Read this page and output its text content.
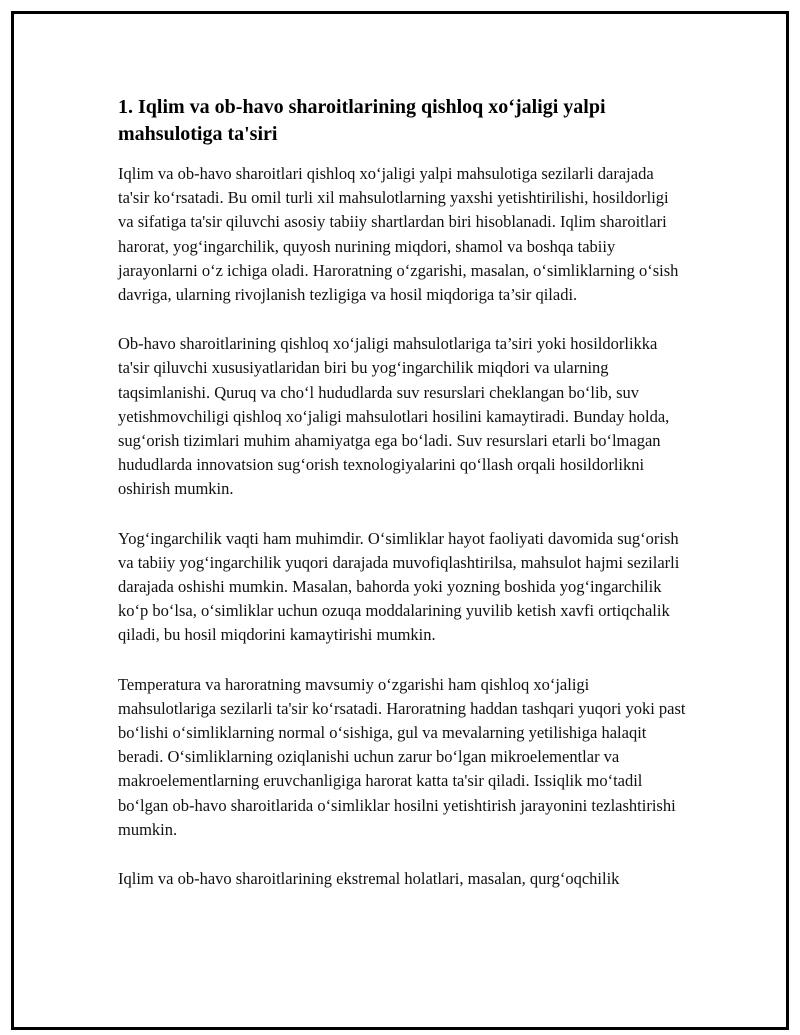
1. Iqlim va ob-havo sharoitlarining qishloq xo‘jaligi yalpi mahsulotiga ta'siri

Iqlim va ob-havo sharoitlari qishloq xo‘jaligi yalpi mahsulotiga sezilarli darajada ta'sir ko‘rsatadi. Bu omil turli xil mahsulotlarning yaxshi yetishtirilishi, hosildorligi va sifatiga ta'sir qiluvchi asosiy tabiiy shartlardan biri hisoblanadi. Iqlim sharoitlari harorat, yog‘ingarchilik, quyosh nurining miqdori, shamol va boshqa tabiiy jarayonlarni o‘z ichiga oladi. Haroratning o‘zgarishi, masalan, o‘simliklarning o‘sish davriga, ularning rivojlanish tezligiga va hosil miqdoriga ta’sir qiladi.

Ob-havo sharoitlarining qishloq xo‘jaligi mahsulotlariga ta’siri yoki hosildorlikka ta'sir qiluvchi xususiyatlaridan biri bu yog‘ingarchilik miqdori va ularning taqsimlanishi. Quruq va cho‘l hududlarda suv resurslari cheklangan bo‘lib, suv yetishmovchiligi qishloq xo‘jaligi mahsulotlari hosilini kamaytiradi. Bunday holda, sug‘orish tizimlari muhim ahamiyatga ega bo‘ladi. Suv resurslari etarli bo‘lmagan hududlarda innovatsion sug‘orish texnologiyalarini qo‘llash orqali hosildorlikni oshirish mumkin.

Yog‘ingarchilik vaqti ham muhimdir. O‘simliklar hayot faoliyati davomida sug‘orish va tabiiy yog‘ingarchilik yuqori darajada muvofiqlashtirilsa, mahsulot hajmi sezilarli darajada oshishi mumkin. Masalan, bahorda yoki yozning boshida yog‘ingarchilik ko‘p bo‘lsa, o‘simliklar uchun ozuqa moddalarining yuvilib ketish xavfi ortiqchalik qiladi, bu hosil miqdorini kamaytirishi mumkin.

Temperatura va haroratning mavsumiy o‘zgarishi ham qishloq xo‘jaligi mahsulotlariga sezilarli ta'sir ko‘rsatadi. Haroratning haddan tashqari yuqori yoki past bo‘lishi o‘simliklarning normal o‘sishiga, gul va mevalarning yetilishiga halaqit beradi. O‘simliklarning oziqlanishi uchun zarur bo‘lgan mikroelementlar va makroelementlarning eruvchanligiga harorat katta ta'sir qiladi. Issiqlik mo‘tadil bo‘lgan ob-havo sharoitlarida o‘simliklar hosilni yetishtirish jarayonini tezlashtirishi mumkin.

Iqlim va ob-havo sharoitlarining ekstremal holatlari, masalan, qurg‘oqchilik
